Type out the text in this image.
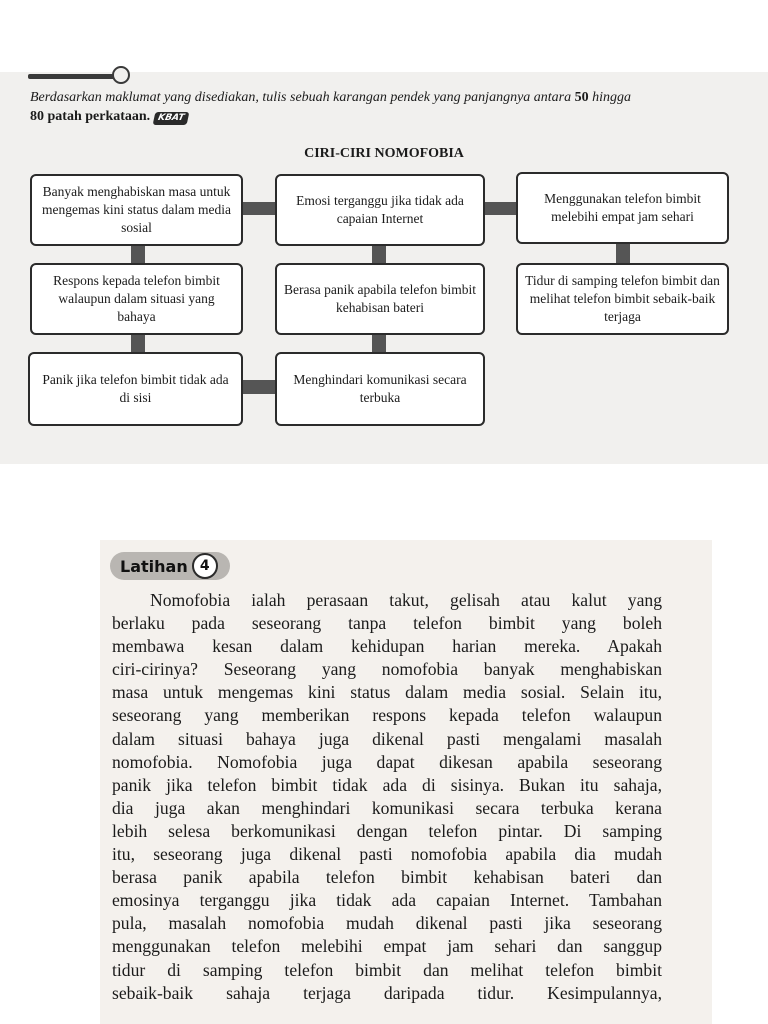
Berdasarkan maklumat yang disediakan, tulis sebuah karangan pendek yang panjangnya antara 50 hingga
80 patah perkataan. KBAT
CIRI-CIRI NOMOFOBIA
Banyak menghabiskan masa untuk mengemas kini status dalam media sosial
Emosi terganggu jika tidak ada capaian Internet
Menggunakan telefon bimbit melebihi empat jam sehari
Respons kepada telefon bimbit walaupun dalam situasi yang bahaya
Berasa panik apabila telefon bimbit kehabisan bateri
Tidur di samping telefon bimbit dan melihat telefon bimbit sebaik-baik terjaga
Panik jika telefon bimbit tidak ada di sisi
Menghindari komunikasi secara terbuka
Latihan 4
Nomofobia ialah perasaan takut, gelisah atau kalut yang
berlaku pada seseorang tanpa telefon bimbit yang boleh
membawa kesan dalam kehidupan harian mereka. Apakah
ciri-cirinya? Seseorang yang nomofobia banyak menghabiskan
masa untuk mengemas kini status dalam media sosial. Selain itu,
seseorang yang memberikan respons kepada telefon walaupun
dalam situasi bahaya juga dikenal pasti mengalami masalah
nomofobia. Nomofobia juga dapat dikesan apabila seseorang
panik jika telefon bimbit tidak ada di sisinya. Bukan itu sahaja,
dia juga akan menghindari komunikasi secara terbuka kerana
lebih selesa berkomunikasi dengan telefon pintar. Di samping
itu, seseorang juga dikenal pasti nomofobia apabila dia mudah
berasa panik apabila telefon bimbit kehabisan bateri dan
emosinya terganggu jika tidak ada capaian Internet. Tambahan
pula, masalah nomofobia mudah dikenal pasti jika seseorang
menggunakan telefon melebihi empat jam sehari dan sanggup
tidur di samping telefon bimbit dan melihat telefon bimbit
sebaik-baik sahaja terjaga daripada tidur. Kesimpulannya,
